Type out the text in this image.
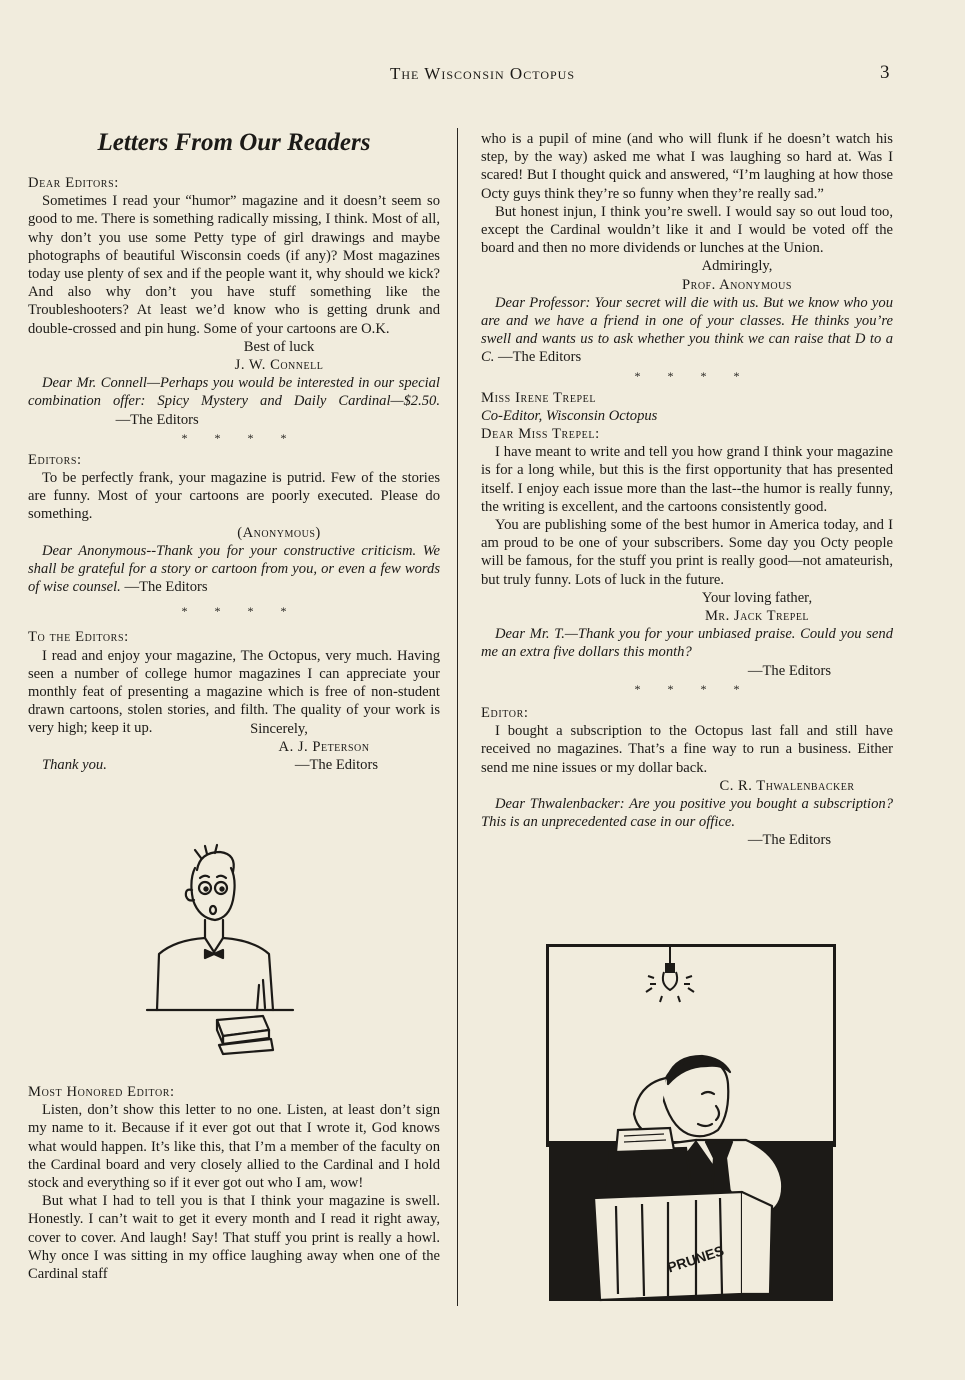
The Wisconsin Octopus	3
Letters From Our Readers
Dear Editors:

Sometimes I read your “humor” magazine and it doesn’t seem so good to me. There is something radically missing, I think. Most of all, why don’t you use some Petty type of girl drawings and maybe photographs of beautiful Wisconsin coeds (if any)? Most magazines today use plenty of sex and if the people want it, why should we kick? And also why don’t you have stuff something like the Troubleshooters? At least we’d know who is getting drunk and double-crossed and pin hung. Some of your cartoons are O.K.

Best of luck
J. W. Connell

Dear Mr. Connell—Perhaps you would be interested in our special combination offer: Spicy Mystery and Daily Cardinal—$2.50.                         —The Editors

* * * *
Editors:

To be perfectly frank, your magazine is putrid. Few of the stories are funny. Most of your cartoons are poorly executed. Please do something.

(Anonymous)

Dear Anonymous--Thank you for your constructive criticism. We shall be grateful for a story or cartoon from you, or even a few words of wise counsel. —The Editors

* * * *
To the Editors:

I read and enjoy your magazine, The Octopus, very much. Having seen a number of college humor magazines I can appreciate your monthly feat of presenting a magazine which is free of non-student drawn cartoons, stolen stories, and filth. The quality of your work is very high; keep it up.	Sincerely,
A. J. Peterson
Thank you.	—The Editors
Most Honored Editor:

Listen, don’t show this letter to no one. Listen, at least don’t sign my name to it. Because if it ever got out that I wrote it, God knows what would happen. It’s like this, that I’m a member of the faculty on the Cardinal board and very closely allied to the Cardinal and I hold stock and everything so if it ever got out who I am, wow!

But what I had to tell you is that I think your magazine is swell. Honestly. I can’t wait to get it every month and I read it right away, cover to cover. And laugh! Say! That stuff you print is really a howl. Why once I was sitting in my office laughing away when one of the Cardinal staff

who is a pupil of mine (and who will flunk if he doesn’t watch his step, by the way) asked me what I was laughing so hard at. Was I scared! But I thought quick and answered, “I’m laughing at how those Octy guys think they’re so funny when they’re really sad.”

But honest injun, I think you’re swell. I would say so out loud too, except the Cardinal wouldn’t like it and I would be voted off the board and then no more dividends or lunches at the Union.

Admiringly,
Prof. Anonymous

Dear Professor: Your secret will die with us. But we know who you are and we have a friend in one of your classes. He thinks you’re swell and wants us to ask whether you think we can raise that D to a C. —The Editors

* * * *
Miss Irene Trepel
Co-Editor, Wisconsin Octopus
Dear Miss Trepel:

I have meant to write and tell you how grand I think your magazine is for a long while, but this is the first opportunity that has presented itself. I enjoy each issue more than the last--the humor is really funny, the writing is excellent, and the cartoons consistently good.

You are publishing some of the best humor in America today, and I am proud to be one of your subscribers. Some day you Octy people will be famous, for the stuff you print is really good—not amateurish, but truly funny. Lots of luck in the future.

Your loving father,
Mr. Jack Trepel

Dear Mr. T.—Thank you for your unbiased praise. Could you send me an extra five dollars this month?

—The Editors
* * * *
Editor:

I bought a subscription to the Octopus last fall and still have received no magazines. That’s a fine way to run a business. Either send me nine issues or my dollar back.

C. R. Thwalenbacker

Dear Thwalenbacker: Are you positive you bought a subscription? This is an unprecedented case in our office.

—The Editors
PRUNES
